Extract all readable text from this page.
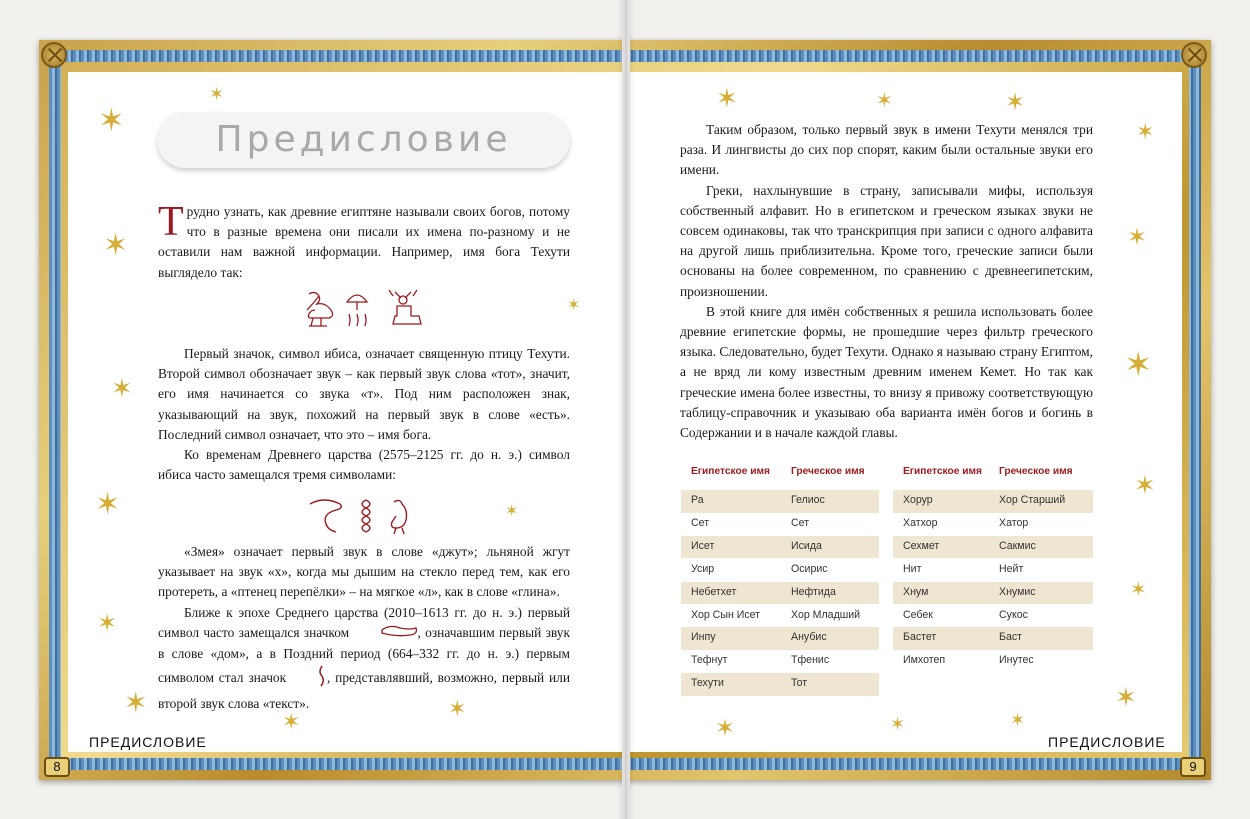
✶
✶
✶
✶
✶
✶	✶
✶
✶
✶
✶
✶	✶	✶
✶
✶
✶
✶
✶
✶
✶	✶	✶
Предисловие
Т рудно узнать, как древние египтяне называли своих богов, потому что в разные времена они писали их имена по-разному и не оставили нам важной информации. Например, имя бога Техути выглядело так:

Первый значок, символ ибиса, означает священную птицу Техути. Второй символ обозначает звук – как первый звук слова «тот», значит, его имя начинается со звука «т». Под ним расположен знак, указывающий на звук, похожий на первый звук в слове «есть». Последний символ означает, что это – имя бога.

Ко временам Древнего царства (2575–2125 гг. до н. э.) символ ибиса часто замещался тремя символами:

«Змея» означает первый звук в слове «джут»; льняной жгут указывает на звук «х», когда мы дышим на стекло перед тем, как его протереть, а «птенец перепёлки» – на мягкое «л», как в слове «глина».

Ближе к эпохе Среднего царства (2010–1613 гг. до н. э.) первый символ часто замещался значком	, означавшим первый звук в слове «дом», а в Поздний период (664–332 гг. до н. э.) первым символом стал значок	, представлявший, возможно, первый или второй звук слова «текст».

ПРЕДИСЛОВИЕ
8

Таким образом, только первый звук в имени Техути менялся три раза. И лингвисты до сих пор спорят, каким были остальные звуки его имени.

Греки, нахлынувшие в страну, записывали мифы, используя собственный алфавит. Но в египетском и греческом языках звуки не совсем одинаковы, так что транскрипция при записи с одного алфавита на другой лишь приблизительна. Кроме того, греческие записи были основаны на более современном, по сравнению с древнеегипетским, произношении.

В этой книге для имён собственных я решила использовать более древние египетские формы, не прошедшие через фильтр греческого языка. Следовательно, будет Техути. Однако я называю страну Египтом, а не вряд ли кому известным древним именем Кемет. Но так как греческие имена более известны, то внизу я привожу соответствующую таблицу-справочник и указываю оба варианта имён богов и богинь в Содержании и в начале каждой главы.

Египетское имя Греческое имя
Ра	Гелиос
Сет	Сет
Исет	Исида
Усир	Осирис
Небетхет	Нефтида
Хор Сын Исет	Хор Младший
Инпу	Анубис
Тефнут	Тфенис
Техути	Тот
Египетское имя Греческое имя
Хорур	Хор Старший
Хатхор	Хатор
Сехмет	Сакмис
Нит	Нейт
Хнум	Хнумис
Себек	Сукос
Бастет	Баст
Имхотеп	Инутес
ПРЕДИСЛОВИЕ
9
